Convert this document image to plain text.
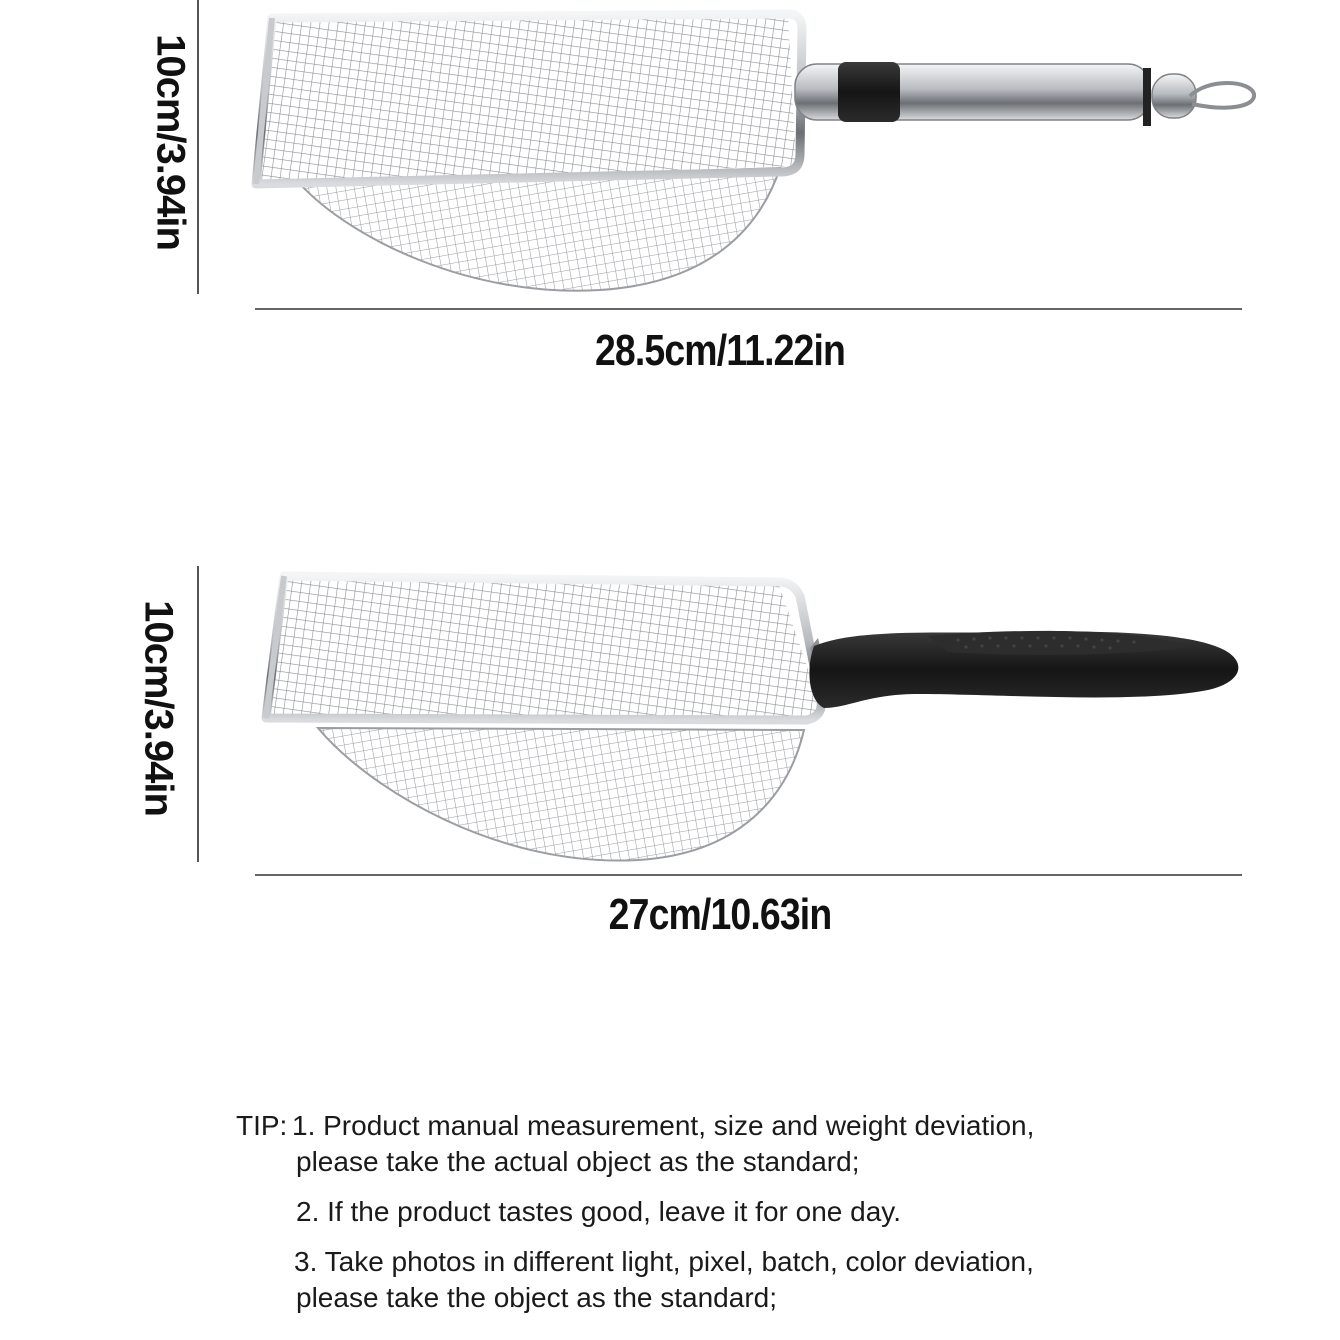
10cm/3.94in
28.5cm/11.22in
10cm/3.94in
27cm/10.63in
TIP: 1. Product manual measurement, size and weight deviation,
please take the actual object as the standard;
2. If the product tastes good, leave it for one day.
3. Take photos in different light, pixel, batch, color deviation,
please take the object as the standard;
